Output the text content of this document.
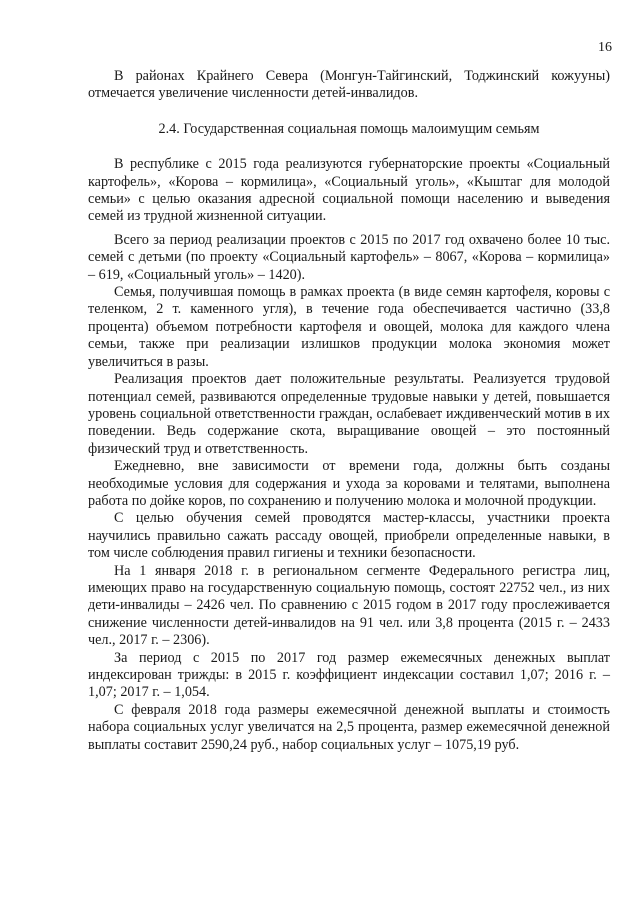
16

В районах Крайнего Севера (Монгун-Тайгинский, Тоджинский кожууны) отмечается увеличение численности детей-инвалидов.

2.4. Государственная социальная помощь малоимущим семьям

В республике с 2015 года реализуются губернаторские проекты «Социальный картофель», «Корова – кормилица», «Социальный уголь», «Кыштаг для молодой семьи» с целью оказания адресной социальной помощи населению и выведения семей из трудной жизненной ситуации.

Всего за период реализации проектов с 2015 по 2017 год охвачено более 10 тыс. семей с детьми (по проекту «Социальный картофель» – 8067, «Корова – кормилица» – 619, «Социальный уголь» – 1420).

Семья, получившая помощь в рамках проекта (в виде семян картофеля, коровы с теленком, 2 т. каменного угля), в течение года обеспечивается частично (33,8 процента) объемом потребности картофеля и овощей, молока для каждого члена семьи, также при реализации излишков продукции молока экономия может увеличиться в разы.

Реализация проектов дает положительные результаты. Реализуется трудовой потенциал семей, развиваются определенные трудовые навыки у детей, повышается уровень социальной ответственности граждан, ослабевает иждивенческий мотив в их поведении. Ведь содержание скота, выращивание овощей – это постоянный физический труд и ответственность.

Ежедневно, вне зависимости от времени года, должны быть созданы необходимые условия для содержания и ухода за коровами и телятами, выполнена работа по дойке коров, по сохранению и получению молока и молочной продукции.

С целью обучения семей проводятся мастер-классы, участники проекта научились правильно сажать рассаду овощей, приобрели определенные навыки, в том числе соблюдения правил гигиены и техники безопасности.

На 1 января 2018 г. в региональном сегменте Федерального регистра лиц, имеющих право на государственную социальную помощь, состоят 22752 чел., из них дети-инвалиды – 2426 чел. По сравнению с 2015 годом в 2017 году прослеживается снижение численности детей-инвалидов на 91 чел. или 3,8 процента (2015 г. – 2433 чел., 2017 г. – 2306).

За период с 2015 по 2017 год размер ежемесячных денежных выплат индексирован трижды: в 2015 г. коэффициент индексации составил 1,07; 2016 г. – 1,07; 2017 г. – 1,054.

С февраля 2018 года размеры ежемесячной денежной выплаты и стоимость набора социальных услуг увеличатся на 2,5 процента, размер ежемесячной денежной выплаты составит 2590,24 руб., набор социальных услуг – 1075,19 руб.
